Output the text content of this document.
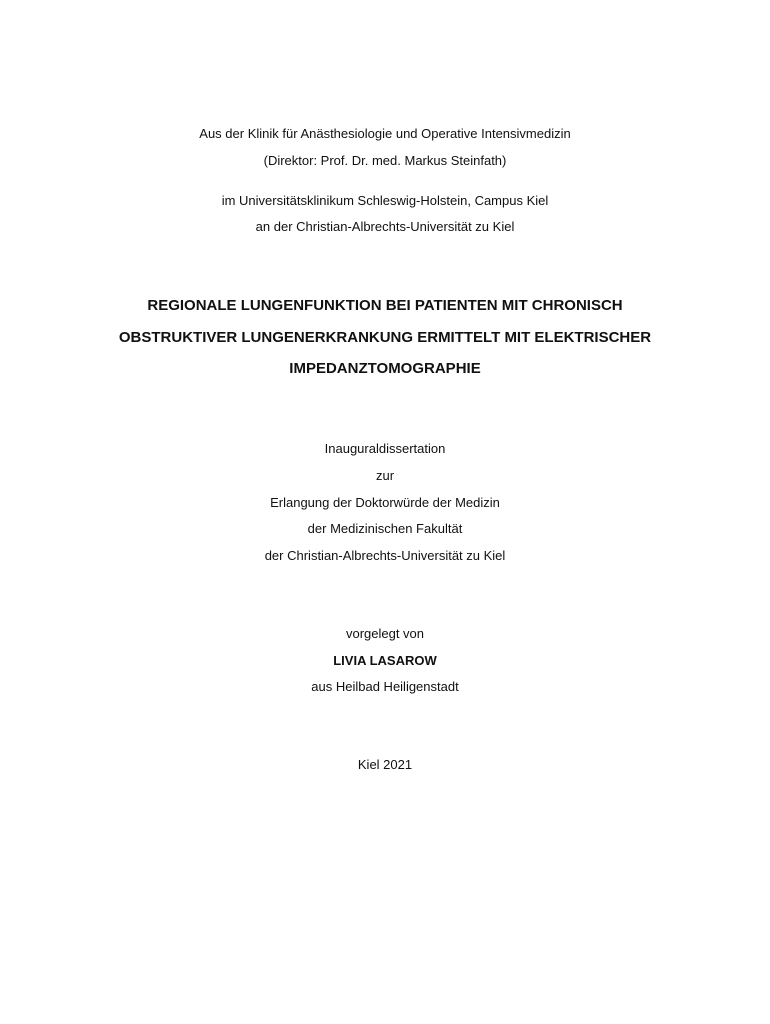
Aus der Klinik für Anästhesiologie und Operative Intensivmedizin
(Direktor: Prof. Dr. med. Markus Steinfath)
im Universitätsklinikum Schleswig-Holstein, Campus Kiel
an der Christian-Albrechts-Universität zu Kiel
REGIONALE LUNGENFUNKTION BEI PATIENTEN MIT CHRONISCH
OBSTRUKTIVER LUNGENERKRANKUNG ERMITTELT MIT ELEKTRISCHER
IMPEDANZTOMOGRAPHIE
Inauguraldissertation
zur
Erlangung der Doktorwürde der Medizin
der Medizinischen Fakultät
der Christian-Albrechts-Universität zu Kiel
vorgelegt von
LIVIA LASAROW
aus Heilbad Heiligenstadt
Kiel 2021
